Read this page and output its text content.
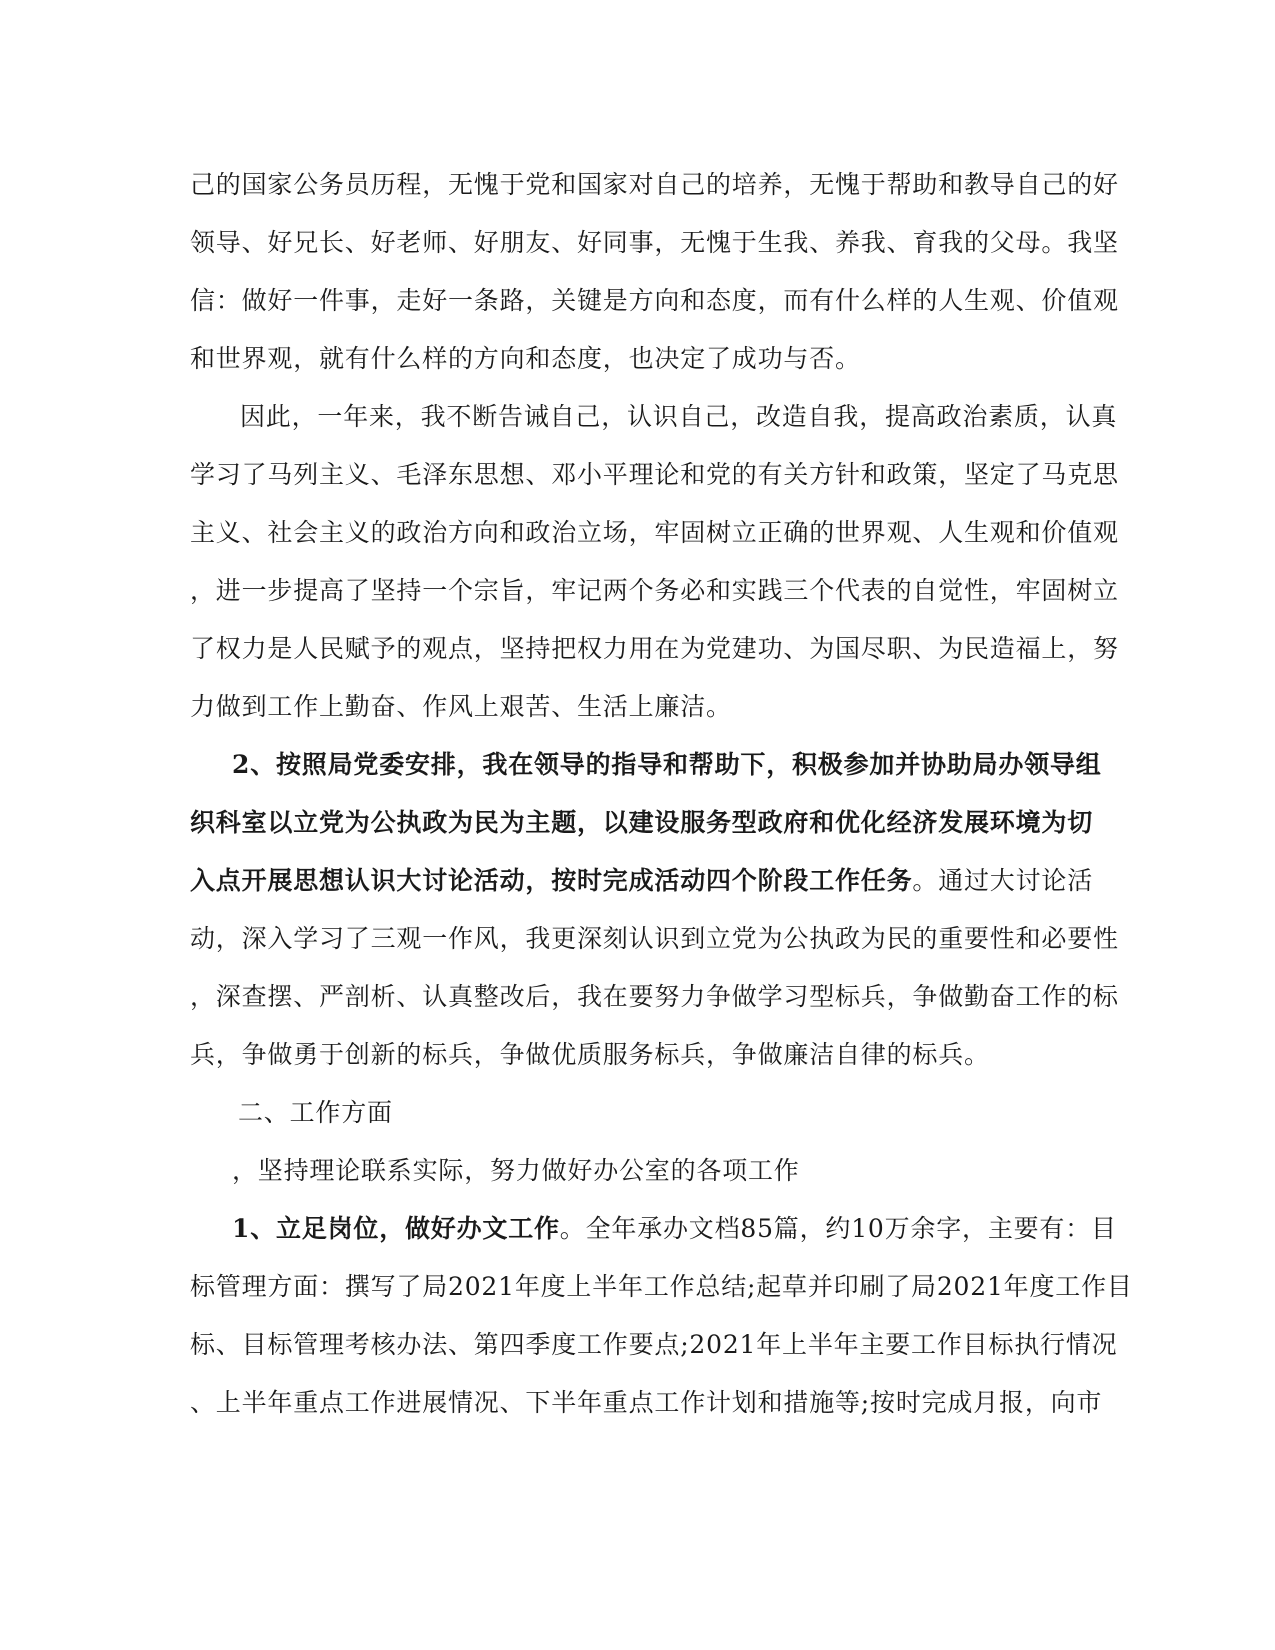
己的国家公务员历程，无愧于党和国家对自己的培养，无愧于帮助和教导自己的好
领导、好兄长、好老师、好朋友、好同事，无愧于生我、养我、育我的父母。我坚
信：做好一件事，走好一条路，关键是方向和态度，而有什么样的人生观、价值观
和世界观，就有什么样的方向和态度，也决定了成功与否。
因此，一年来，我不断告诫自己，认识自己，改造自我，提高政治素质，认真
学习了马列主义、毛泽东思想、邓小平理论和党的有关方针和政策，坚定了马克思
主义、社会主义的政治方向和政治立场，牢固树立正确的世界观、人生观和价值观
，进一步提高了坚持一个宗旨，牢记两个务必和实践三个代表的自觉性，牢固树立
了权力是人民赋予的观点，坚持把权力用在为党建功、为国尽职、为民造福上，努
力做到工作上勤奋、作风上艰苦、生活上廉洁。
2、按照局党委安排，我在领导的指导和帮助下，积极参加并协助局办领导组
织科室以立党为公执政为民为主题，以建设服务型政府和优化经济发展环境为切
入点开展思想认识大讨论活动，按时完成活动四个阶段工作任务。通过大讨论活
动，深入学习了三观一作风，我更深刻认识到立党为公执政为民的重要性和必要性
，深查摆、严剖析、认真整改后，我在要努力争做学习型标兵，争做勤奋工作的标
兵，争做勇于创新的标兵，争做优质服务标兵，争做廉洁自律的标兵。
二、工作方面
，坚持理论联系实际，努力做好办公室的各项工作
1、立足岗位，做好办文工作。全年承办文档85篇，约10万余字，主要有：目
标管理方面：撰写了局2021年度上半年工作总结;起草并印刷了局2021年度工作目
标、目标管理考核办法、第四季度工作要点;2021年上半年主要工作目标执行情况
、上半年重点工作进展情况、下半年重点工作计划和措施等;按时完成月报，向市
